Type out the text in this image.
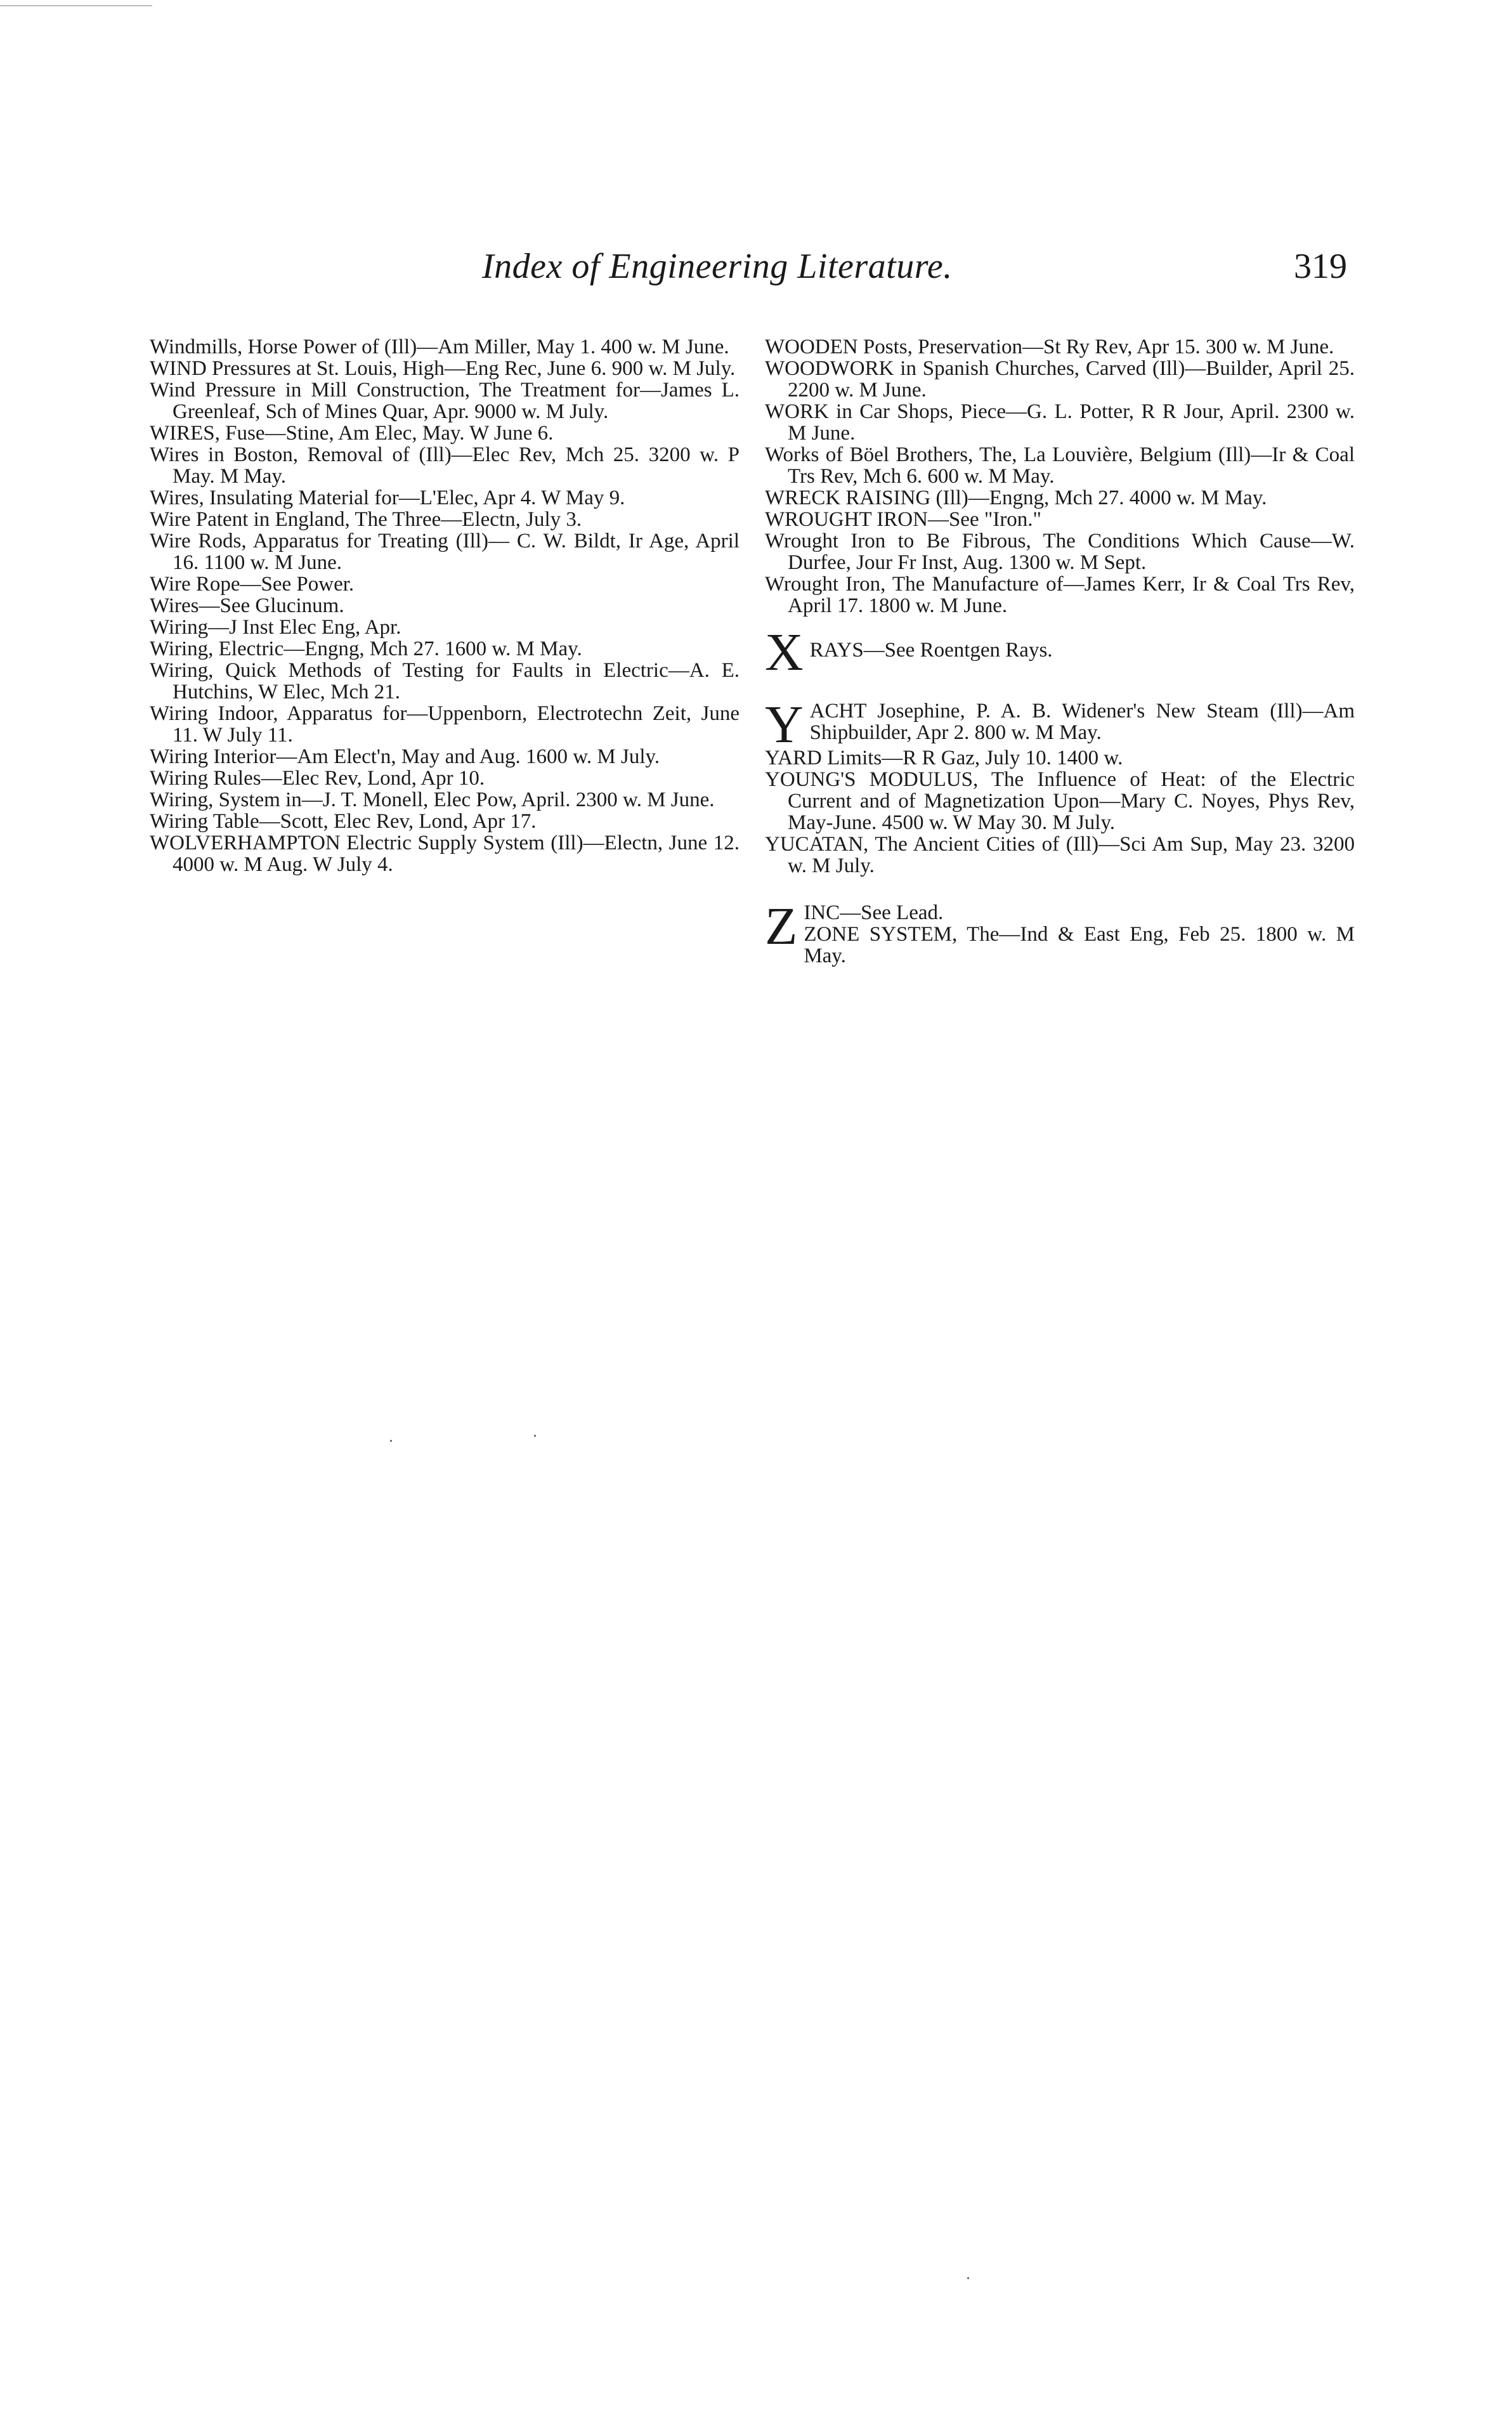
Index of Engineering Literature.	319

Windmills, Horse Power of (Ill)—Am Miller, May 1. 400 w. M June.

WIND Pressures at St. Louis, High—Eng Rec, June 6. 900 w. M July.

Wind Pressure in Mill Construction, The Treatment for—James L. Greenleaf, Sch of Mines Quar, Apr. 9000 w. M July.

WIRES, Fuse—Stine, Am Elec, May. W June 6.

Wires in Boston, Removal of (Ill)—Elec Rev, Mch 25. 3200 w. P May. M May.

Wires, Insulating Material for—L'Elec, Apr 4. W May 9.

Wire Patent in England, The Three—Electn, July 3.

Wire Rods, Apparatus for Treating (Ill)— C. W. Bildt, Ir Age, April 16. 1100 w. M June.

Wire Rope—See Power.

Wires—See Glucinum.

Wiring—J Inst Elec Eng, Apr.

Wiring, Electric—Engng, Mch 27. 1600 w. M May.

Wiring, Quick Methods of Testing for Faults in Electric—A. E. Hutchins, W Elec, Mch 21.

Wiring Indoor, Apparatus for—Uppenborn, Electrotechn Zeit, June 11. W July 11.

Wiring Interior—Am Elect'n, May and Aug. 1600 w. M July.

Wiring Rules—Elec Rev, Lond, Apr 10.

Wiring, System in—J. T. Monell, Elec Pow, April. 2300 w. M June.

Wiring Table—Scott, Elec Rev, Lond, Apr 17.

WOLVERHAMPTON Electric Supply System (Ill)—Electn, June 12. 4000 w. M Aug. W July 4.

WOODEN Posts, Preservation—St Ry Rev, Apr 15. 300 w. M June.

WOODWORK in Spanish Churches, Carved (Ill)—Builder, April 25. 2200 w. M June.

WORK in Car Shops, Piece—G. L. Potter, R R Jour, April. 2300 w. M June.

Works of Böel Brothers, The, La Louvière, Belgium (Ill)—Ir & Coal Trs Rev, Mch 6. 600 w. M May.

WRECK RAISING (Ill)—Engng, Mch 27. 4000 w. M May.

WROUGHT IRON—See "Iron."

Wrought Iron to Be Fibrous, The Conditions Which Cause—W. Durfee, Jour Fr Inst, Aug. 1300 w. M Sept.

Wrought Iron, The Manufacture of—James Kerr, Ir & Coal Trs Rev, April 17. 1800 w. M June.

X RAYS—See Roentgen Rays.

Y ACHT Josephine, P. A. B. Widener's New Steam (Ill)—Am Shipbuilder, Apr 2. 800 w. M May.

YARD Limits—R R Gaz, July 10. 1400 w.

YOUNG'S MODULUS, The Influence of Heat: of the Electric Current and of Magnetization Upon—Mary C. Noyes, Phys Rev, May-June. 4500 w. W May 30. M July.

YUCATAN, The Ancient Cities of (Ill)—Sci Am Sup, May 23. 3200 w. M July.

Z INC—See Lead.

ZONE SYSTEM, The—Ind & East Eng, Feb 25. 1800 w. M May.
